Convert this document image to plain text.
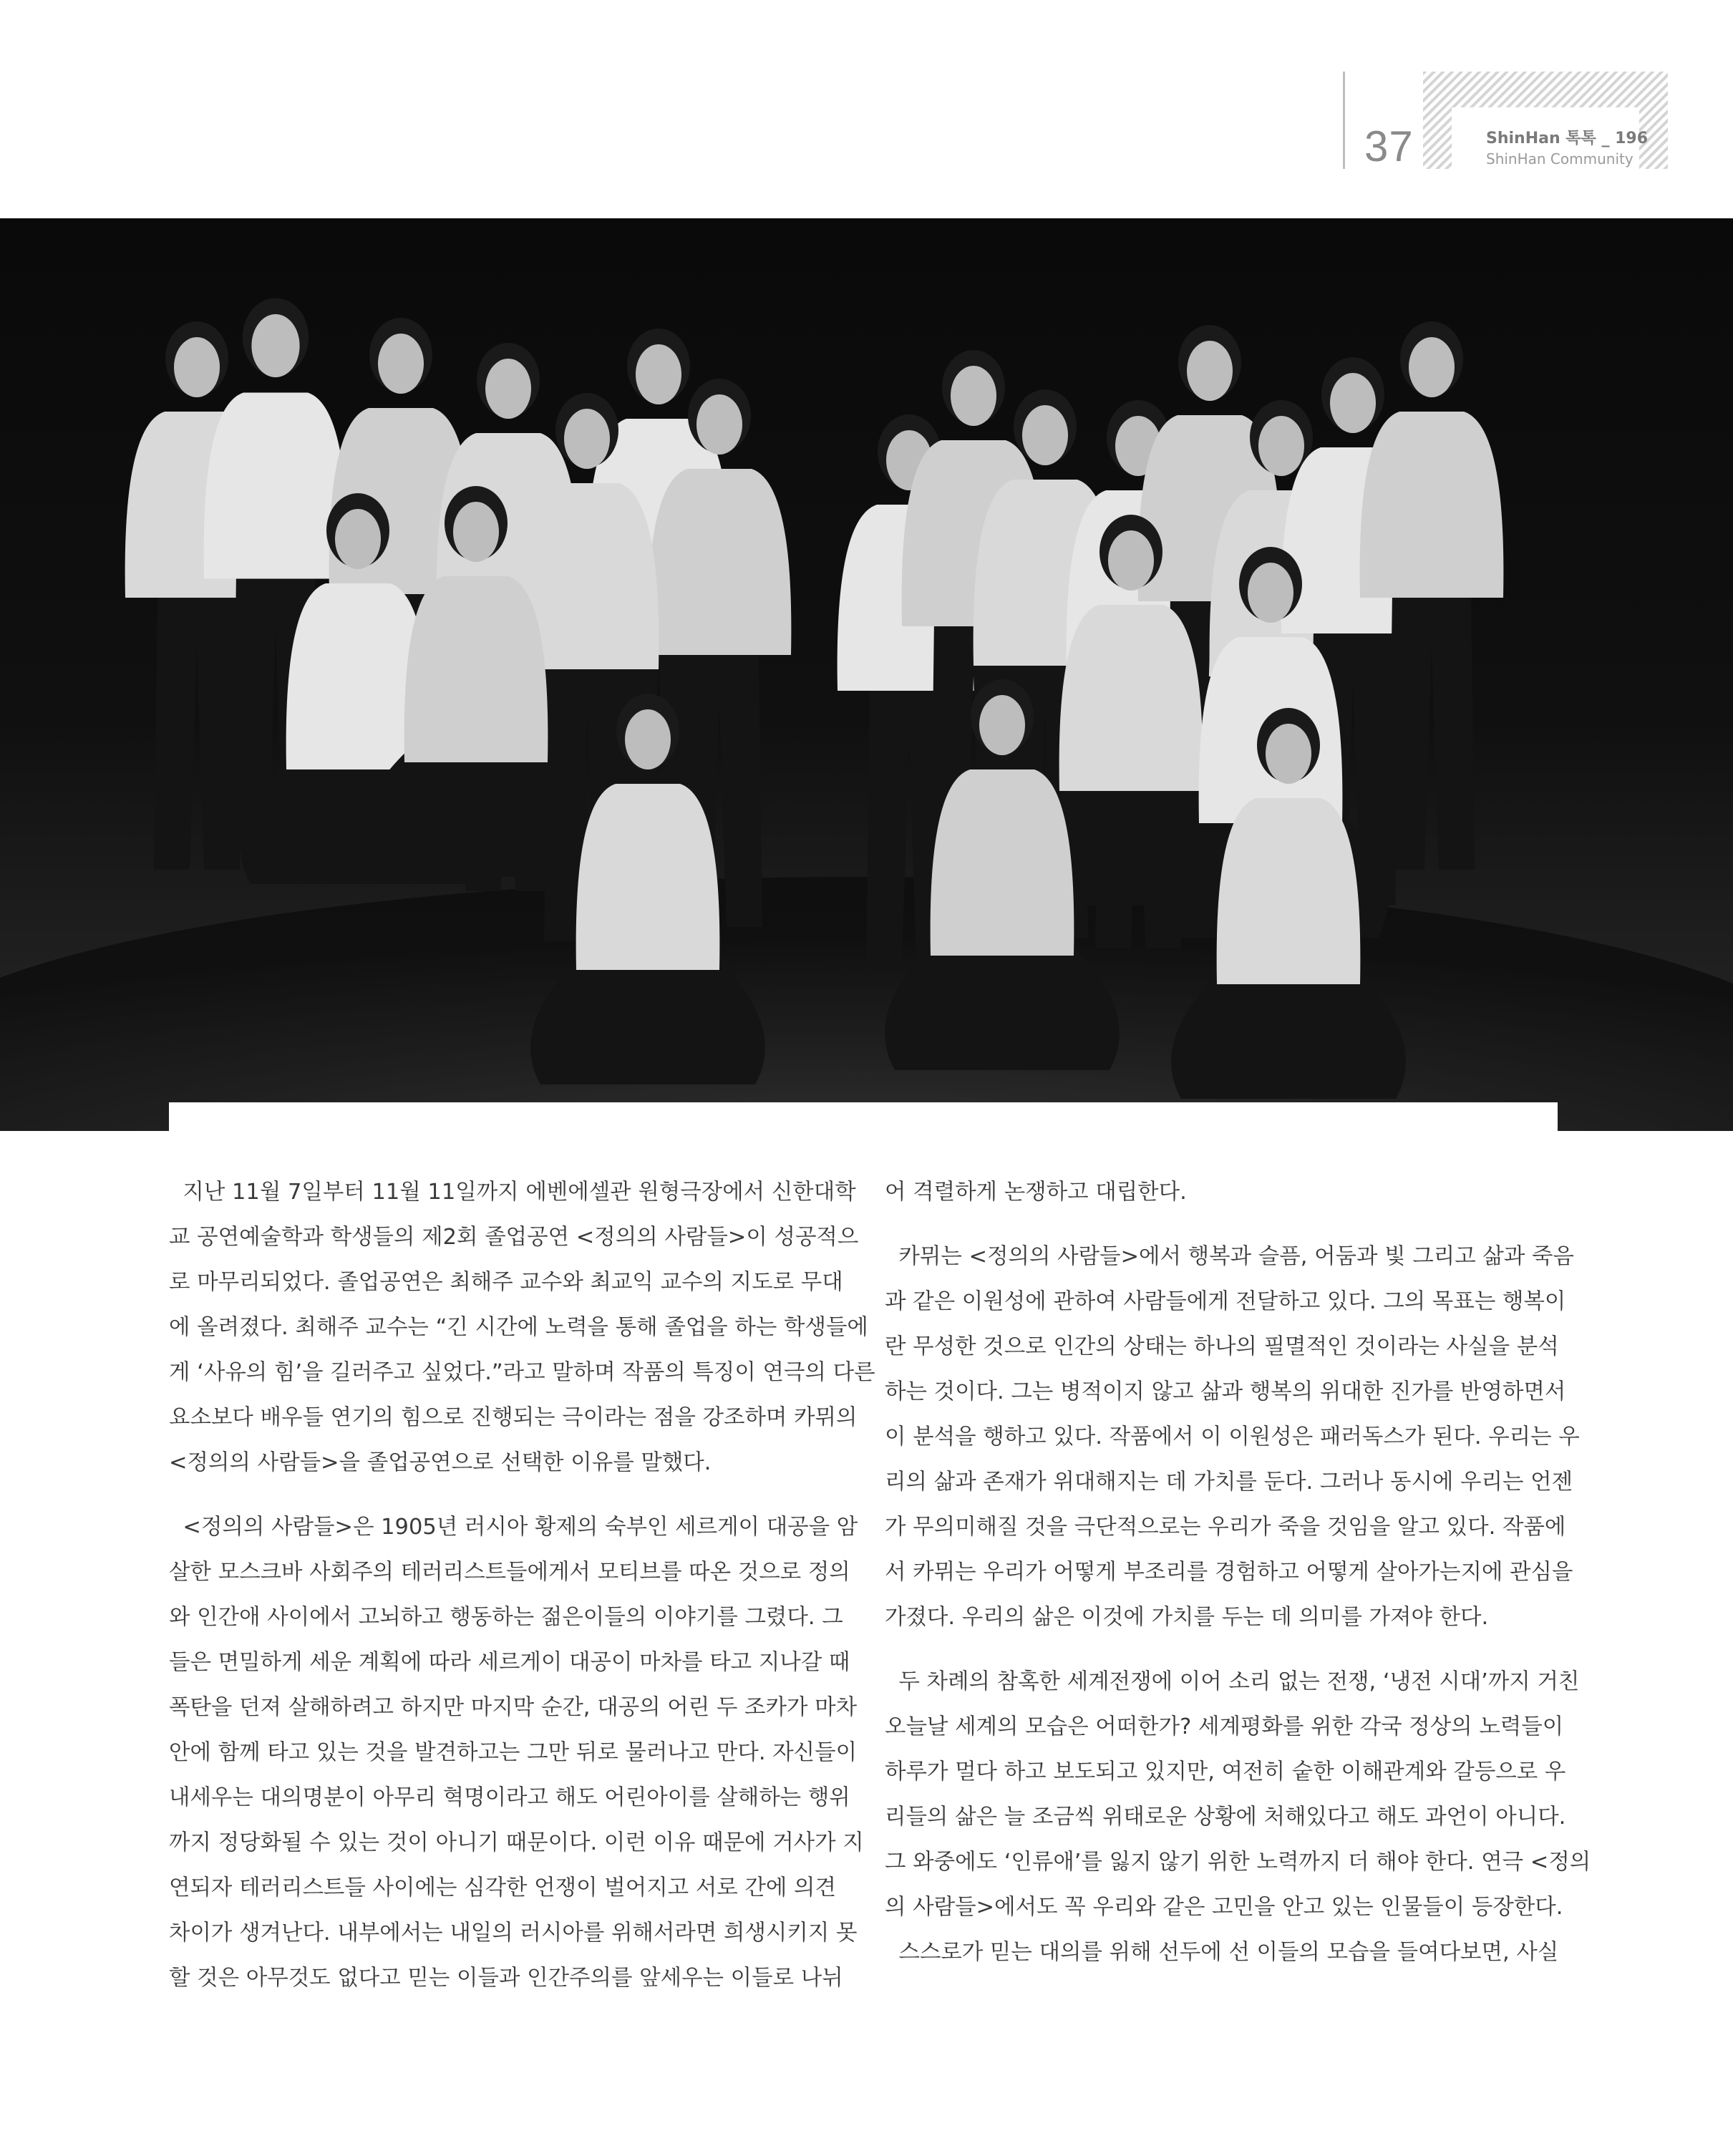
37	ShinHan 톡톡 _ 196
ShinHan Community
지난 11월 7일부터 11월 11일까지 에벤에셀관 원형극장에서 신한대학
교 공연예술학과 학생들의 제2회 졸업공연 <정의의 사람들>이 성공적으
로 마무리되었다. 졸업공연은 최해주 교수와 최교익 교수의 지도로 무대
에 올려졌다. 최해주 교수는 “긴 시간에 노력을 통해 졸업을 하는 학생들에
게 ‘사유의 힘’을 길러주고 싶었다.”라고 말하며 작품의 특징이 연극의 다른
요소보다 배우들 연기의 힘으로 진행되는 극이라는 점을 강조하며 카뮈의
<정의의 사람들>을 졸업공연으로 선택한 이유를 말했다.
<정의의 사람들>은 1905년 러시아 황제의 숙부인 세르게이 대공을 암
살한 모스크바 사회주의 테러리스트들에게서 모티브를 따온 것으로 정의
와 인간애 사이에서 고뇌하고 행동하는 젊은이들의 이야기를 그렸다. 그
들은 면밀하게 세운 계획에 따라 세르게이 대공이 마차를 타고 지나갈 때
폭탄을 던져 살해하려고 하지만 마지막 순간, 대공의 어린 두 조카가 마차
안에 함께 타고 있는 것을 발견하고는 그만 뒤로 물러나고 만다. 자신들이
내세우는 대의명분이 아무리 혁명이라고 해도 어린아이를 살해하는 행위
까지 정당화될 수 있는 것이 아니기 때문이다. 이런 이유 때문에 거사가 지
연되자 테러리스트들 사이에는 심각한 언쟁이 벌어지고 서로 간에 의견
차이가 생겨난다. 내부에서는 내일의 러시아를 위해서라면 희생시키지 못
할 것은 아무것도 없다고 믿는 이들과 인간주의를 앞세우는 이들로 나뉘
어 격렬하게 논쟁하고 대립한다.
카뮈는 <정의의 사람들>에서 행복과 슬픔, 어둠과 빛 그리고 삶과 죽음
과 같은 이원성에 관하여 사람들에게 전달하고 있다. 그의 목표는 행복이
란 무성한 것으로 인간의 상태는 하나의 필멸적인 것이라는 사실을 분석
하는 것이다. 그는 병적이지 않고 삶과 행복의 위대한 진가를 반영하면서
이 분석을 행하고 있다. 작품에서 이 이원성은 패러독스가 된다. 우리는 우
리의 삶과 존재가 위대해지는 데 가치를 둔다. 그러나 동시에 우리는 언젠
가 무의미해질 것을 극단적으로는 우리가 죽을 것임을 알고 있다. 작품에
서 카뮈는 우리가 어떻게 부조리를 경험하고 어떻게 살아가는지에 관심을
가졌다. 우리의 삶은 이것에 가치를 두는 데 의미를 가져야 한다.
두 차례의 참혹한 세계전쟁에 이어 소리 없는 전쟁, ‘냉전 시대’까지 거친
오늘날 세계의 모습은 어떠한가? 세계평화를 위한 각국 정상의 노력들이
하루가 멀다 하고 보도되고 있지만, 여전히 숱한 이해관계와 갈등으로 우
리들의 삶은 늘 조금씩 위태로운 상황에 처해있다고 해도 과언이 아니다.
그 와중에도 ‘인류애’를 잃지 않기 위한 노력까지 더 해야 한다. 연극 <정의
의 사람들>에서도 꼭 우리와 같은 고민을 안고 있는 인물들이 등장한다.
스스로가 믿는 대의를 위해 선두에 선 이들의 모습을 들여다보면, 사실
